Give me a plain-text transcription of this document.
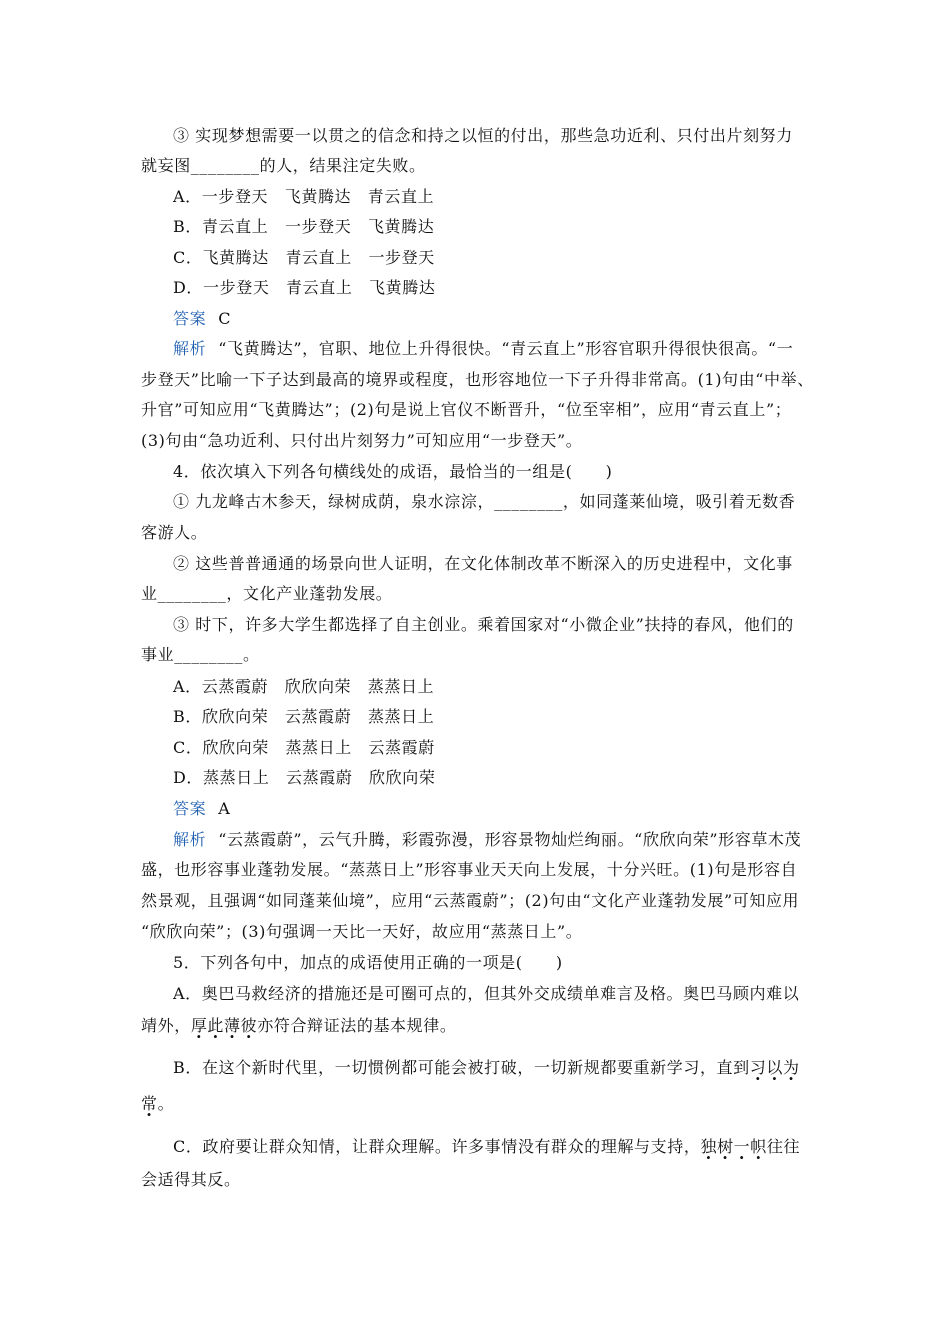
③ 实现梦想需要一以贯之的信念和持之以恒的付出，那些急功近利、只付出片刻努力
就妄图________的人，结果注定失败。
A．一步登天　飞黄腾达　青云直上
B．青云直上　一步登天　飞黄腾达
C．飞黄腾达　青云直上　一步登天
D．一步登天　青云直上　飞黄腾达
答案 C
解析 “飞黄腾达”，官职、地位上升得很快。“青云直上”形容官职升得很快很高。“一
步登天”比喻一下子达到最高的境界或程度，也形容地位一下子升得非常高。(1)句由“中举、
升官”可知应用“飞黄腾达”；(2)句是说上官仪不断晋升，“位至宰相”，应用“青云直上”；
(3)句由“急功近利、只付出片刻努力”可知应用“一步登天”。
4．依次填入下列各句横线处的成语，最恰当的一组是(　　)
① 九龙峰古木参天，绿树成荫，泉水淙淙，________，如同蓬莱仙境，吸引着无数香
客游人。
② 这些普普通通的场景向世人证明，在文化体制改革不断深入的历史进程中，文化事
业________，文化产业蓬勃发展。
③ 时下，许多大学生都选择了自主创业。乘着国家对“小微企业”扶持的春风，他们的
事业________。
A．云蒸霞蔚　欣欣向荣　蒸蒸日上
B．欣欣向荣　云蒸霞蔚　蒸蒸日上
C．欣欣向荣　蒸蒸日上　云蒸霞蔚
D．蒸蒸日上　云蒸霞蔚　欣欣向荣
答案 A
解析 “云蒸霞蔚”，云气升腾，彩霞弥漫，形容景物灿烂绚丽。“欣欣向荣”形容草木茂
盛，也形容事业蓬勃发展。“蒸蒸日上”形容事业天天向上发展，十分兴旺。(1)句是形容自
然景观，且强调“如同蓬莱仙境”，应用“云蒸霞蔚”；(2)句由“文化产业蓬勃发展”可知应用
“欣欣向荣”；(3)句强调一天比一天好，故应用“蒸蒸日上”。
5．下列各句中，加点的成语使用正确的一项是(　　)
A．奥巴马救经济的措施还是可圈可点的，但其外交成绩单难言及格。奥巴马顾内难以
靖外，厚此薄彼亦符合辩证法的基本规律。
B．在这个新时代里，一切惯例都可能会被打破，一切新规都要重新学习，直到习以为
常。
C．政府要让群众知情，让群众理解。许多事情没有群众的理解与支持，独树一帜往往
会适得其反。
